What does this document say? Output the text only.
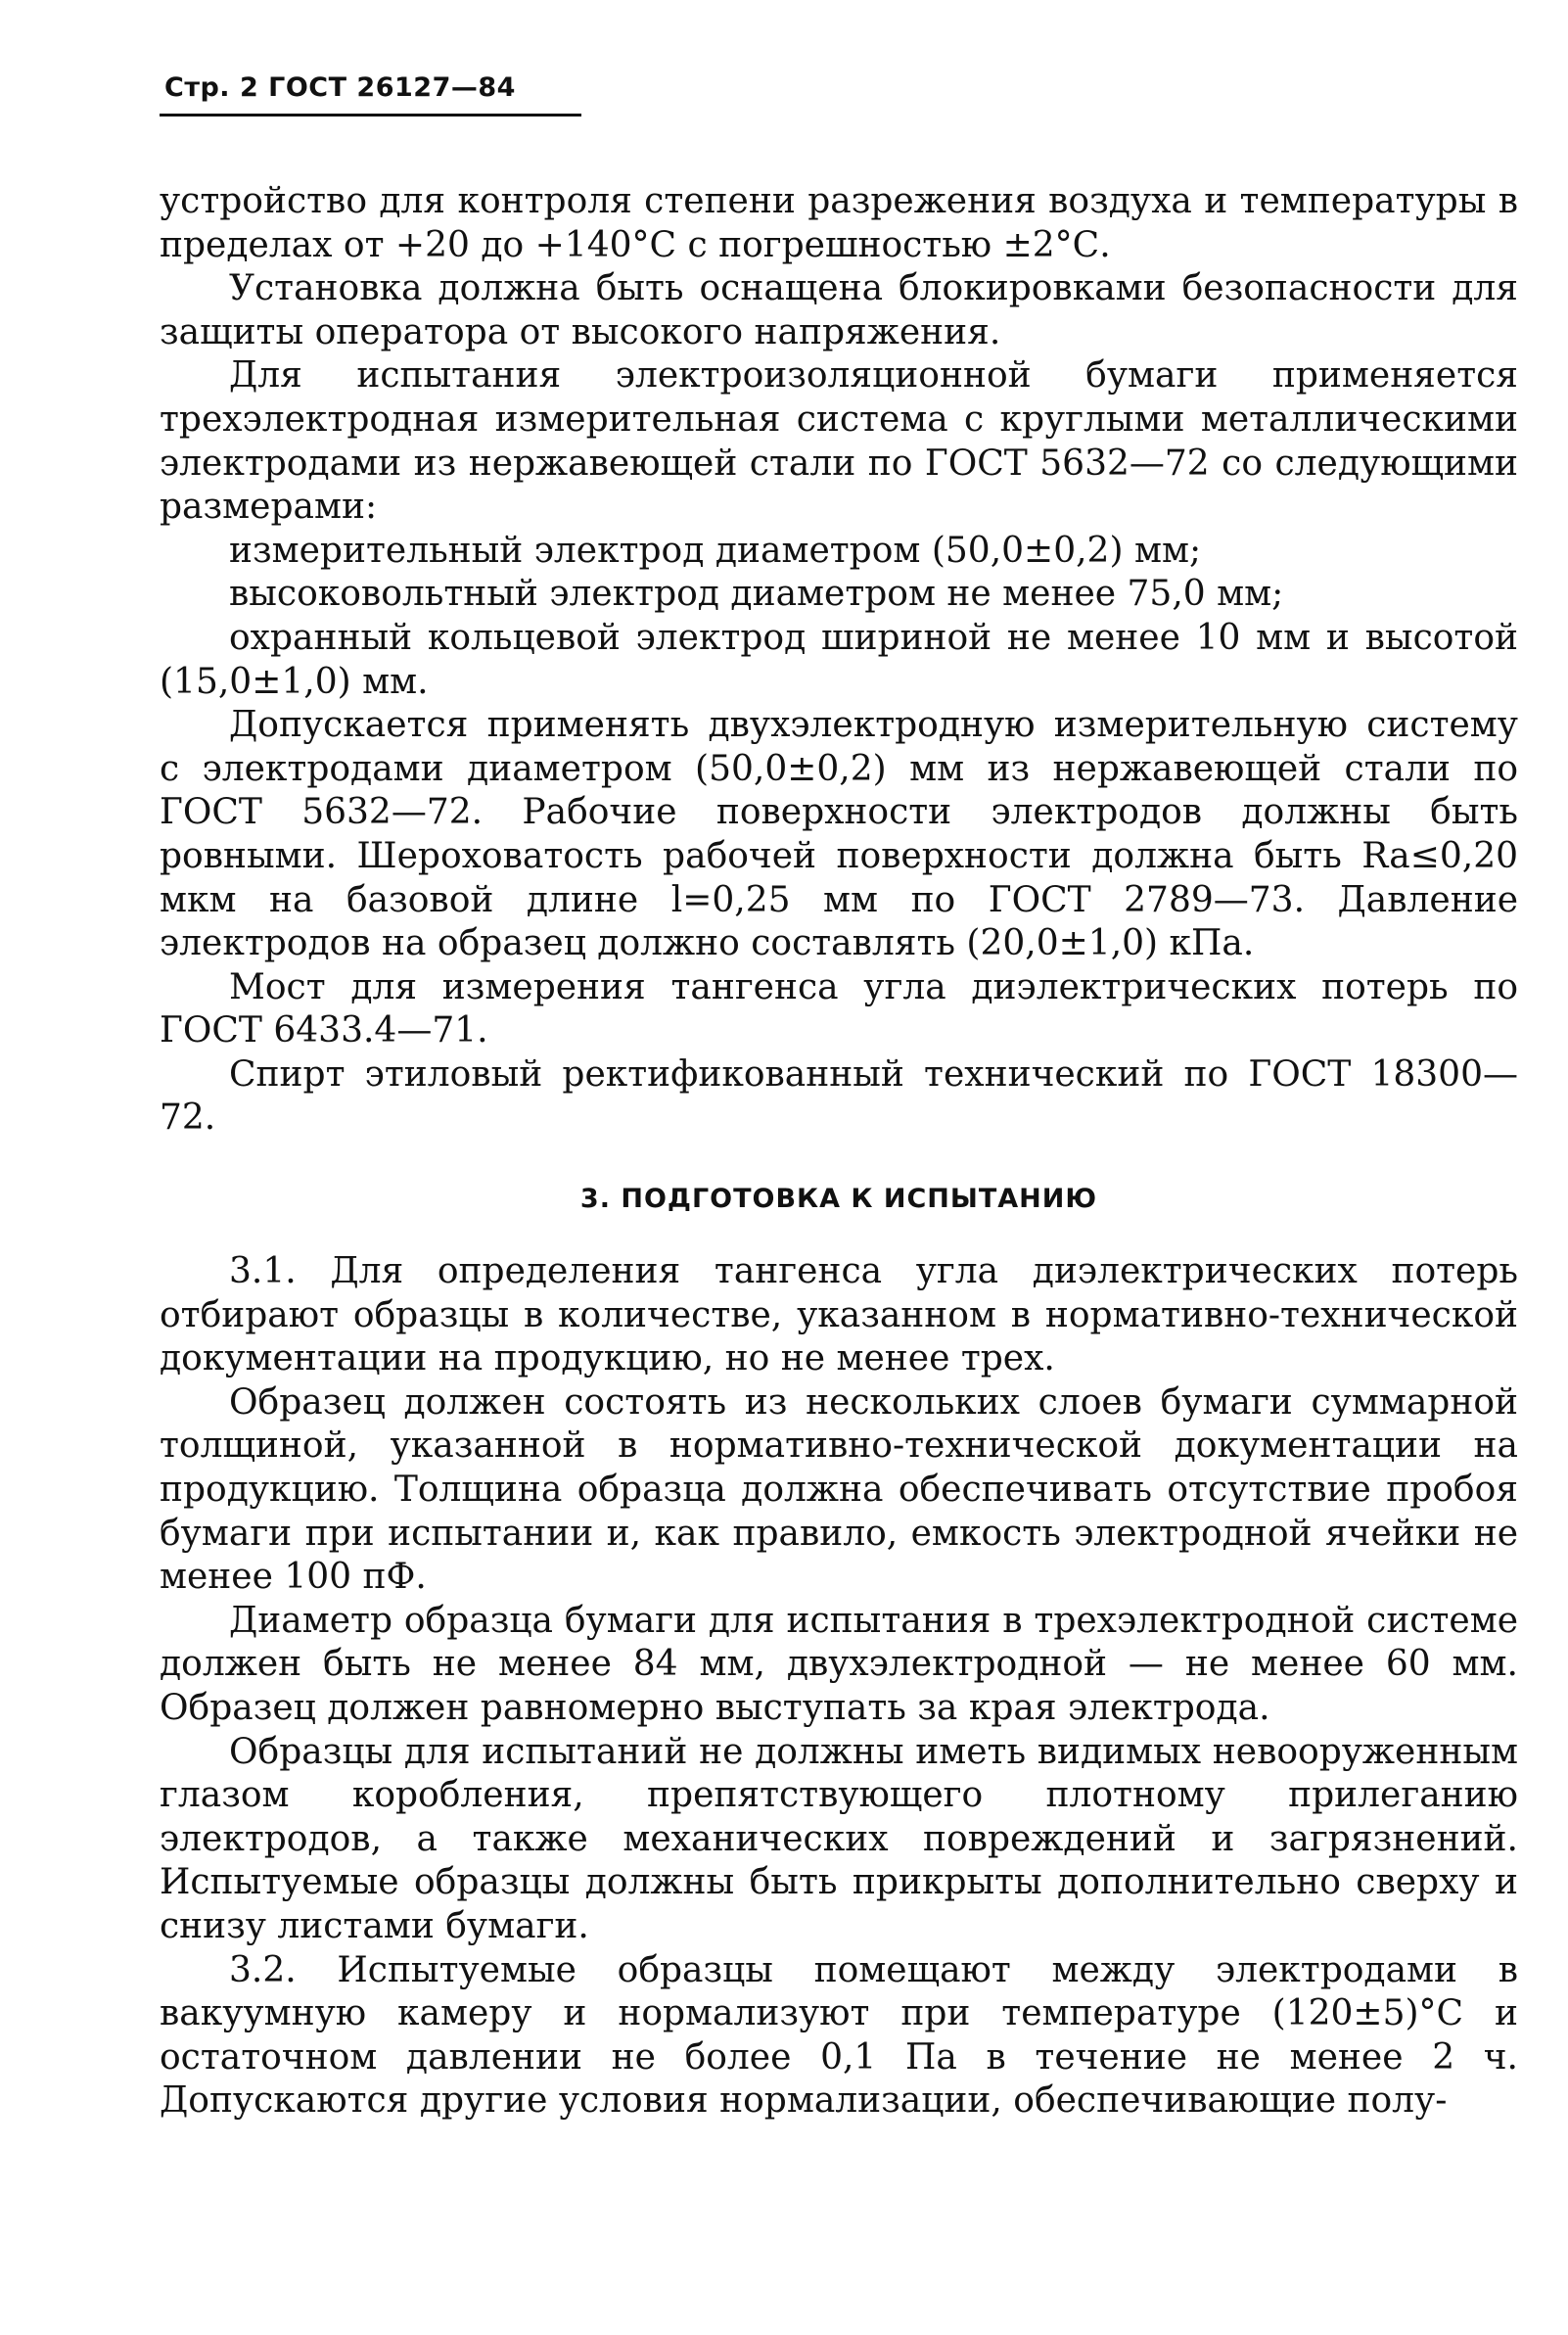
Стр. 2 ГОСТ 26127—84

устройство для контроля степени разрежения воздуха и температуры в пределах от +20 до +140°С с погрешностью ±2°С.

Установка должна быть оснащена блокировками безопасности для защиты оператора от высокого напряжения.

Для испытания электроизоляционной бумаги применяется трехэлектродная измерительная система с круглыми металлическими электродами из нержавеющей стали по ГОСТ 5632—72 со следующими размерами:

измерительный электрод диаметром (50,0±0,2) мм;

высоковольтный электрод диаметром не менее 75,0 мм;

охранный кольцевой электрод шириной не менее 10 мм и высотой (15,0±1,0) мм.

Допускается применять двухэлектродную измерительную систему с электродами диаметром (50,0±0,2) мм из нержавеющей стали по ГОСТ 5632—72. Рабочие поверхности электродов должны быть ровными. Шероховатость рабочей поверхности должна быть Ra≤0,20 мкм на базовой длине l=0,25 мм по ГОСТ 2789—73. Давление электродов на образец должно составлять (20,0±1,0) кПа.

Мост для измерения тангенса угла диэлектрических потерь по ГОСТ 6433.4—71.

Спирт этиловый ректификованный технический по ГОСТ 18300—72.

3. ПОДГОТОВКА К ИСПЫТАНИЮ

3.1. Для определения тангенса угла диэлектрических потерь отбирают образцы в количестве, указанном в нормативно-технической документации на продукцию, но не менее трех.

Образец должен состоять из нескольких слоев бумаги суммарной толщиной, указанной в нормативно-технической документации на продукцию. Толщина образца должна обеспечивать отсутствие пробоя бумаги при испытании и, как правило, емкость электродной ячейки не менее 100 пФ.

Диаметр образца бумаги для испытания в трехэлектродной системе должен быть не менее 84 мм, двухэлектродной — не менее 60 мм. Образец должен равномерно выступать за края электрода.

Образцы для испытаний не должны иметь видимых невооруженным глазом коробления, препятствующего плотному прилеганию электродов, а также механических повреждений и загрязнений. Испытуемые образцы должны быть прикрыты дополнительно сверху и снизу листами бумаги.

3.2. Испытуемые образцы помещают между электродами в вакуумную камеру и нормализуют при температуре (120±5)°С и остаточном давлении не более 0,1 Па в течение не менее 2 ч. Допускаются другие условия нормализации, обеспечивающие полу-
